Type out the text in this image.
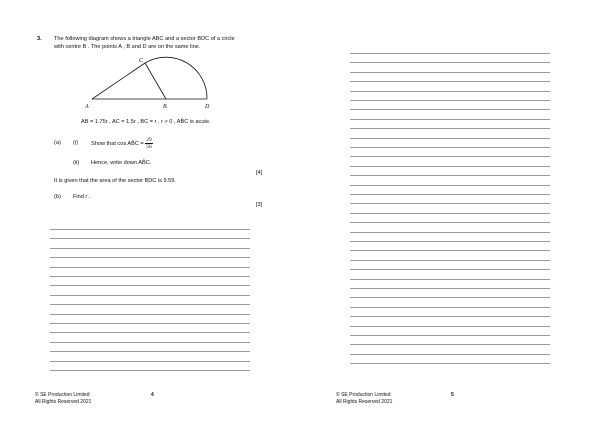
3. The following diagram shows a triangle ABC and a sector BDC of a circle
with centre B . The points A , B and D are on the same line.
A	B
C
D
AB = 1.75r , AC = 1.5r , BC = r , r > 0 , AB̂C is acute.
(a) (i) Show that cos AB̂C = $\frac{29}{56}$
(ii) Hence, write down AB̂C.
[4]
It is given that the area of the sector BDC is 9.59.
(b) Find r .
[3]
© SE Production Limited
All Rights Reserved 2021
4	© SE Production Limited
All Rights Reserved 2021
5
